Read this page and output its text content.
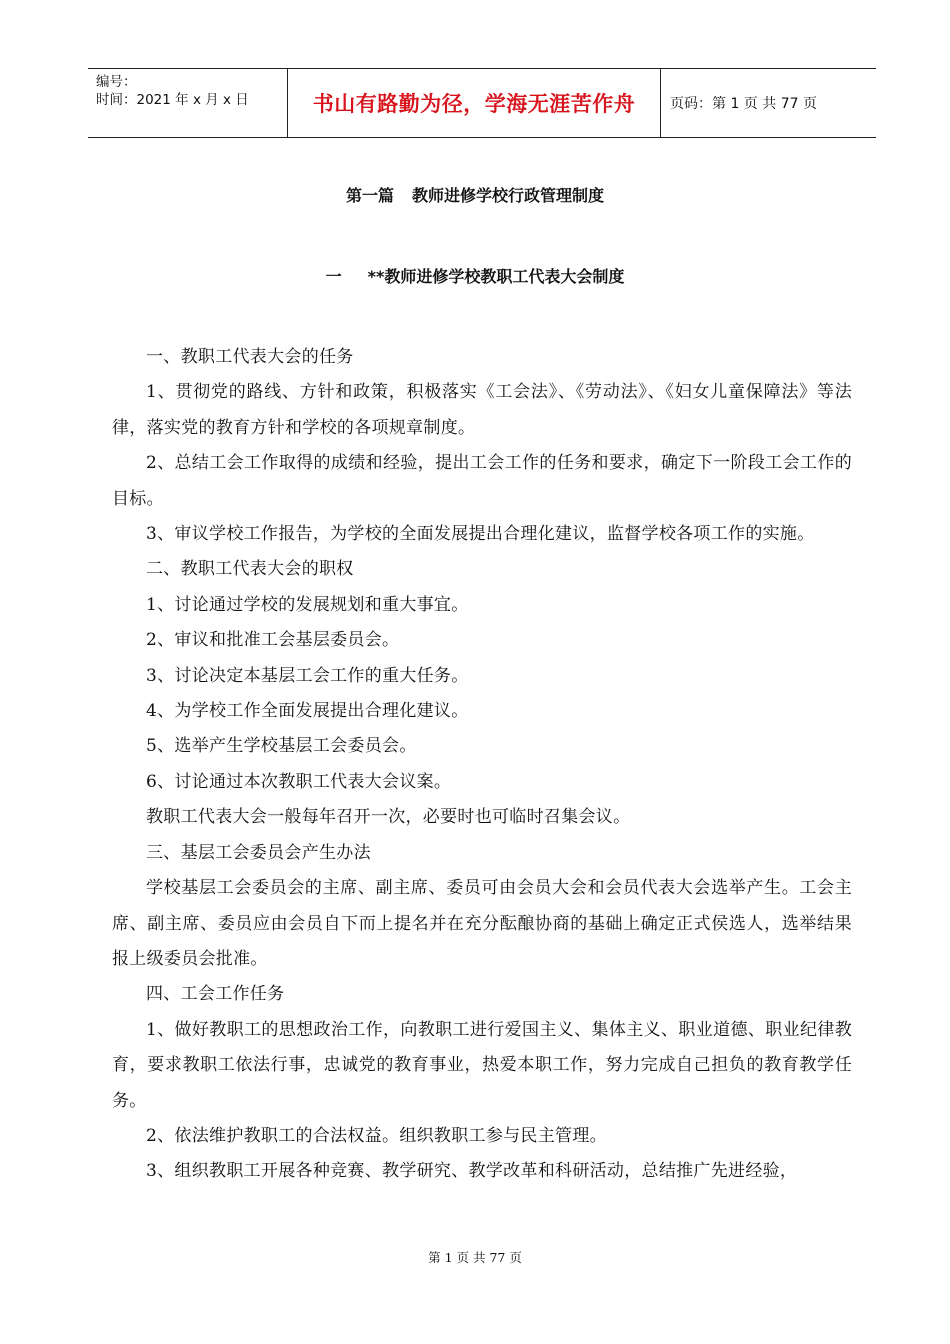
编号：
时间：2021 年 x 月 x 日	书山有路勤为径，学海无涯苦作舟	页码：第 1 页 共 77 页
第一篇 教师进修学校行政管理制度
一 **教师进修学校教职工代表大会制度

一、教职工代表大会的任务

1、贯彻党的路线、方针和政策，积极落实《工会法》、《劳动法》、《妇女儿童保障法》等法律，落实党的教育方针和学校的各项规章制度。

2、总结工会工作取得的成绩和经验，提出工会工作的任务和要求，确定下一阶段工会工作的目标。

3、审议学校工作报告，为学校的全面发展提出合理化建议，监督学校各项工作的实施。

二、教职工代表大会的职权

1、讨论通过学校的发展规划和重大事宜。

2、审议和批准工会基层委员会。

3、讨论决定本基层工会工作的重大任务。

4、为学校工作全面发展提出合理化建议。

5、选举产生学校基层工会委员会。

6、讨论通过本次教职工代表大会议案。

教职工代表大会一般每年召开一次，必要时也可临时召集会议。

三、基层工会委员会产生办法

学校基层工会委员会的主席、副主席、委员可由会员大会和会员代表大会选举产生。工会主席、副主席、委员应由会员自下而上提名并在充分酝酿协商的基础上确定正式侯选人，选举结果报上级委员会批准。

四、工会工作任务

1、做好教职工的思想政治工作，向教职工进行爱国主义、集体主义、职业道德、职业纪律教育，要求教职工依法行事，忠诚党的教育事业，热爱本职工作，努力完成自己担负的教育教学任务。

2、依法维护教职工的合法权益。组织教职工参与民主管理。

3、组织教职工开展各种竞赛、教学研究、教学改革和科研活动，总结推广先进经验，

第 1 页 共 77 页
